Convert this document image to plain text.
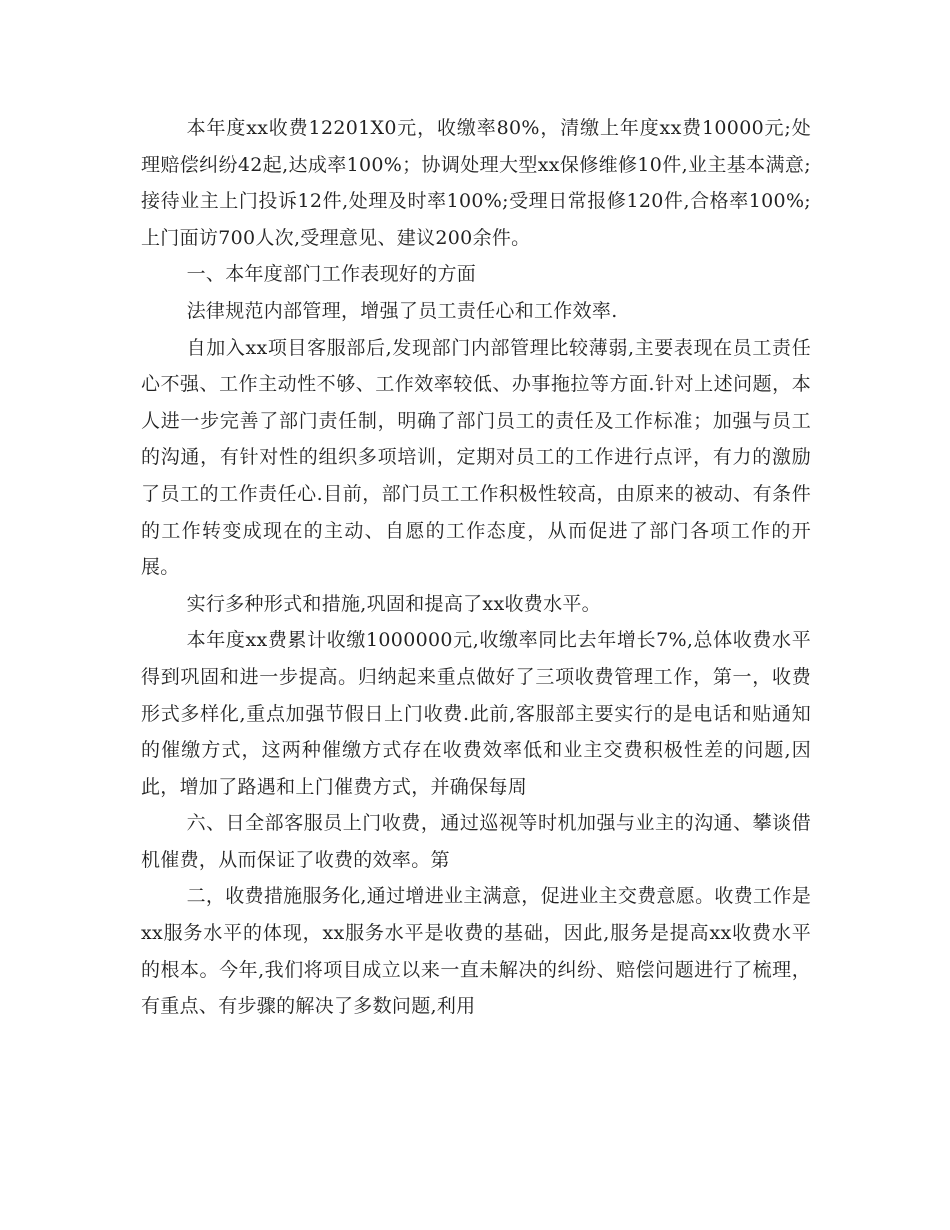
本年度xx收费12201X0元，收缴率80%，清缴上年度xx费10000元;处理赔偿纠纷42起,达成率100%；协调处理大型xx保修维修10件,业主基本满意;接待业主上门投诉12件,处理及时率100%;受理日常报修120件,合格率100%; 上门面访700人次,受理意见、建议200余件。

一、本年度部门工作表现好的方面

法律规范内部管理，增强了员工责任心和工作效率.

自加入xx项目客服部后,发现部门内部管理比较薄弱,主要表现在员工责任心不强、工作主动性不够、工作效率较低、办事拖拉等方面.针对上述问题，本人进一步完善了部门责任制，明确了部门员工的责任及工作标准；加强与员工的沟通，有针对性的组织多项培训，定期对员工的工作进行点评，有力的激励了员工的工作责任心.目前，部门员工工作积极性较高，由原来的被动、有条件的工作转变成现在的主动、自愿的工作态度，从而促进了部门各项工作的开展。

实行多种形式和措施,巩固和提高了xx收费水平。

本年度xx费累计收缴1000000元,收缴率同比去年增长7%,总体收费水平得到巩固和进一步提高。归纳起来重点做好了三项收费管理工作，第一，收费形式多样化,重点加强节假日上门收费.此前,客服部主要实行的是电话和贴通知的催缴方式，这两种催缴方式存在收费效率低和业主交费积极性差的问题,因此，增加了路遇和上门催费方式，并确保每周

六、日全部客服员上门收费，通过巡视等时机加强与业主的沟通、攀谈借机催费，从而保证了收费的效率。第

二，收费措施服务化,通过增进业主满意，促进业主交费意愿。收费工作是xx服务水平的体现，xx服务水平是收费的基础，因此,服务是提高xx收费水平的根本。今年,我们将项目成立以来一直未解决的纠纷、赔偿问题进行了梳理，有重点、有步骤的解决了多数问题,利用
